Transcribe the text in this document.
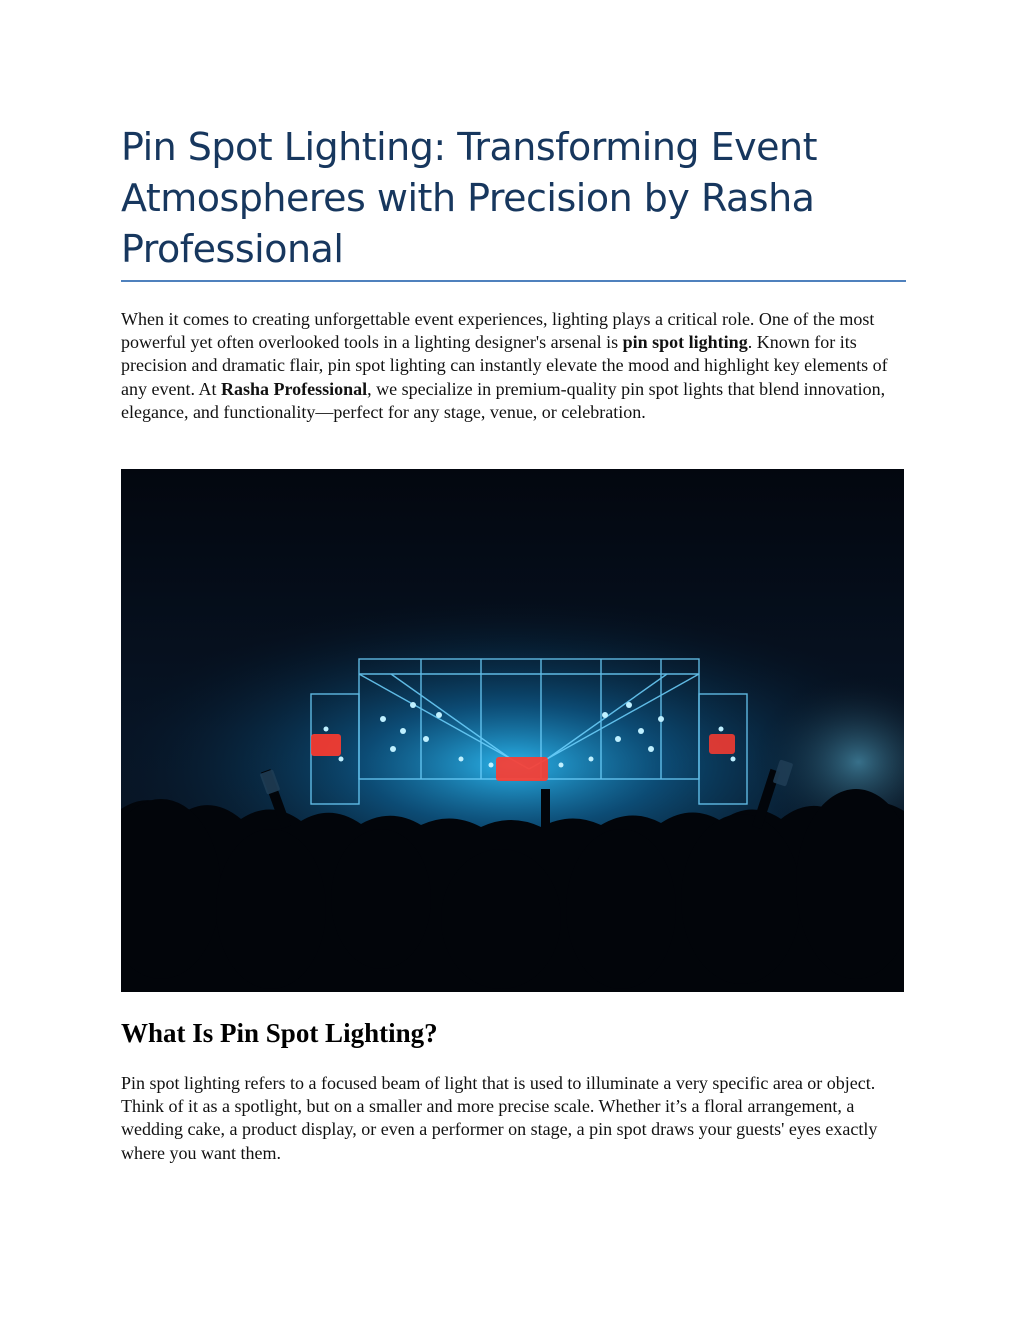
Pin Spot Lighting: Transforming Event Atmospheres with Precision by Rasha Professional

When it comes to creating unforgettable event experiences, lighting plays a critical role. One of the most powerful yet often overlooked tools in a lighting designer's arsenal is pin spot lighting. Known for its precision and dramatic flair, pin spot lighting can instantly elevate the mood and highlight key elements of any event. At Rasha Professional, we specialize in premium-quality pin spot lights that blend innovation, elegance, and functionality—perfect for any stage, venue, or celebration.

What Is Pin Spot Lighting?

Pin spot lighting refers to a focused beam of light that is used to illuminate a very specific area or object. Think of it as a spotlight, but on a smaller and more precise scale. Whether it’s a floral arrangement, a wedding cake, a product display, or even a performer on stage, a pin spot draws your guests' eyes exactly where you want them.
